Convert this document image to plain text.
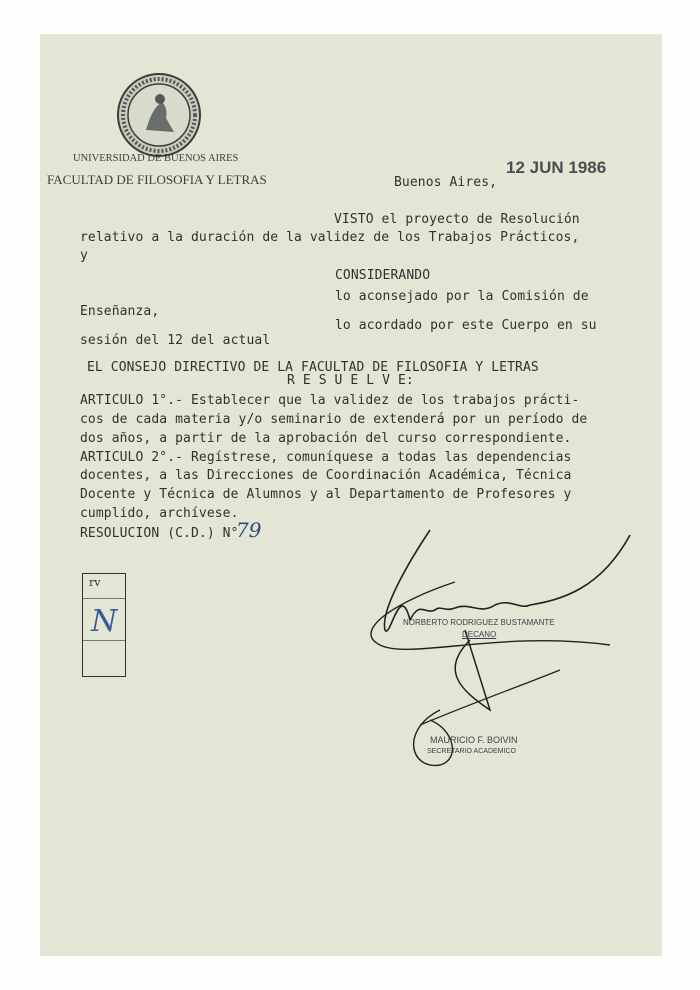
UNIVERSIDAD DE BUENOS AIRES
FACULTAD DE FILOSOFIA Y LETRAS	Buenos Aires,
12 JUN 1986
VISTO el proyecto de Resolución
relativo a la duración de la validez de los Trabajos Prácticos,
y
CONSIDERANDO
lo aconsejado por la Comisión de
Enseñanza,
lo acordado por este Cuerpo en su
sesión del 12 del actual
EL CONSEJO DIRECTIVO DE LA FACULTAD DE FILOSOFIA Y LETRAS
R E S U E L V E:
ARTICULO 1°.- Establecer que la validez de los trabajos prácti-
cos de cada materia y/o seminario de extenderá por un período de
dos años, a partir de la aprobación del curso correspondiente.
ARTICULO 2°.- Regístrese, comuníquese a todas las dependencias
docentes, a las Direcciones de Coordinación Académica, Técnica
Docente y Técnica de Alumnos y al Departamento de Profesores y
cumplido, archívese.
RESOLUCION (C.D.) N°
79
rv
N	NORBERTO RODRIGUEZ BUSTAMANTE
DECANO
MAURICIO F. BOIVIN
SECRETARIO ACADEMICO
